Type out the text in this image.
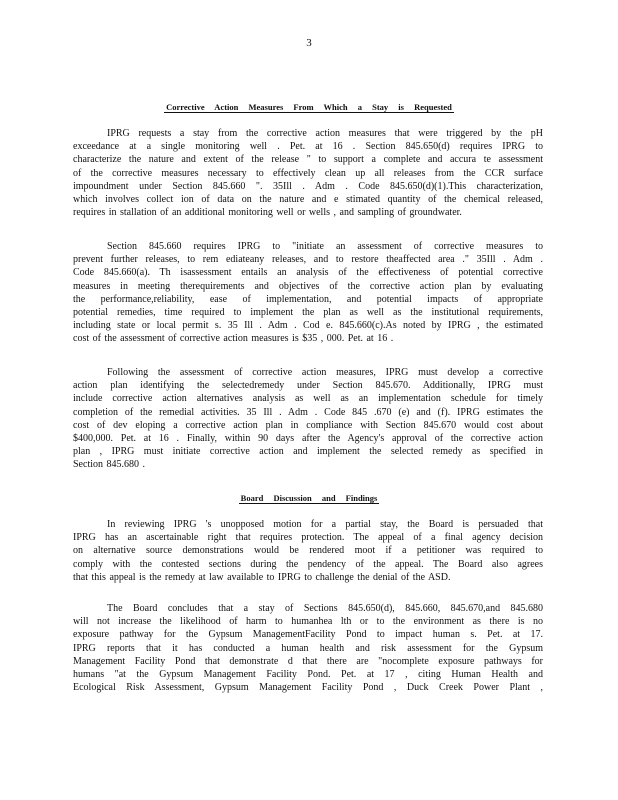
3
Corrective Action Measures From Which a Stay is Requested
IPRG requests a stay from the corrective action measures that were triggered by the pH
exceedance at a single monitoring well . Pet. at 16 . Section 845.650(d) requires IPRG to
characterize the nature and extent of the release " to support a complete and accura te assessment
of the corrective measures necessary to effectively clean up all releases from the CCR surface
impoundment under Section 845.660 ". 35Ill . Adm . Code 845.650(d)(1).This characterization,
which involves collect ion of data on the nature and e stimated quantity of the chemical released,
requires in stallation of an additional monitoring well or wells , and sampling of groundwater.
Section 845.660 requires IPRG to "initiate an assessment of corrective measures to
prevent further releases, to rem ediateany releases, and to restore theaffected area ." 35Ill . Adm .
Code 845.660(a). Th isassessment entails an analysis of the effectiveness of potential corrective
measures in meeting therequirements and objectives of the corrective action plan by evaluating
the performance,reliability, ease of implementation, and potential impacts of appropriate
potential remedies, time required to implement the plan as well as the institutional requirements,
including state or local permit s. 35 Ill . Adm . Cod e. 845.660(c).As noted by IPRG , the estimated
cost of the assessment of corrective action measures is $35 , 000. Pet. at 16 .
Following the assessment of corrective action measures, IPRG must develop a corrective
action plan identifying the selectedremedy under Section 845.670. Additionally, IPRG must
include corrective action alternatives analysis as well as an implementation schedule for timely
completion of the remedial activities. 35 Ill . Adm . Code 845 .670 (e) and (f). IPRG estimates the
cost of dev eloping a corrective action plan in compliance with Section 845.670 would cost about
$400,000. Pet. at 16 . Finally, within 90 days after the Agency's approval of the corrective action
plan , IPRG must initiate corrective action and implement the selected remedy as specified in
Section 845.680 .
Board Discussion and Findings
In reviewing IPRG 's unopposed motion for a partial stay, the Board is persuaded that
IPRG has an ascertainable right that requires protection. The appeal of a final agency decision
on alternative source demonstrations would be rendered moot if a petitioner was required to
comply with the contested sections during the pendency of the appeal. The Board also agrees
that this appeal is the remedy at law available to IPRG to challenge the denial of the ASD.
The Board concludes that a stay of Sections 845.650(d), 845.660, 845.670,and 845.680
will not increase the likelihood of harm to humanhea lth or to the environment as there is no
exposure pathway for the Gypsum ManagementFacility Pond to impact human s. Pet. at 17.
IPRG reports that it has conducted a human health and risk assessment for the Gypsum
Management Facility Pond that demonstrate d that there are "nocomplete exposure pathways for
humans "at the Gypsum Management Facility Pond. Pet. at 17 , citing Human Health and
Ecological Risk Assessment, Gypsum Management Facility Pond , Duck Creek Power Plant ,
